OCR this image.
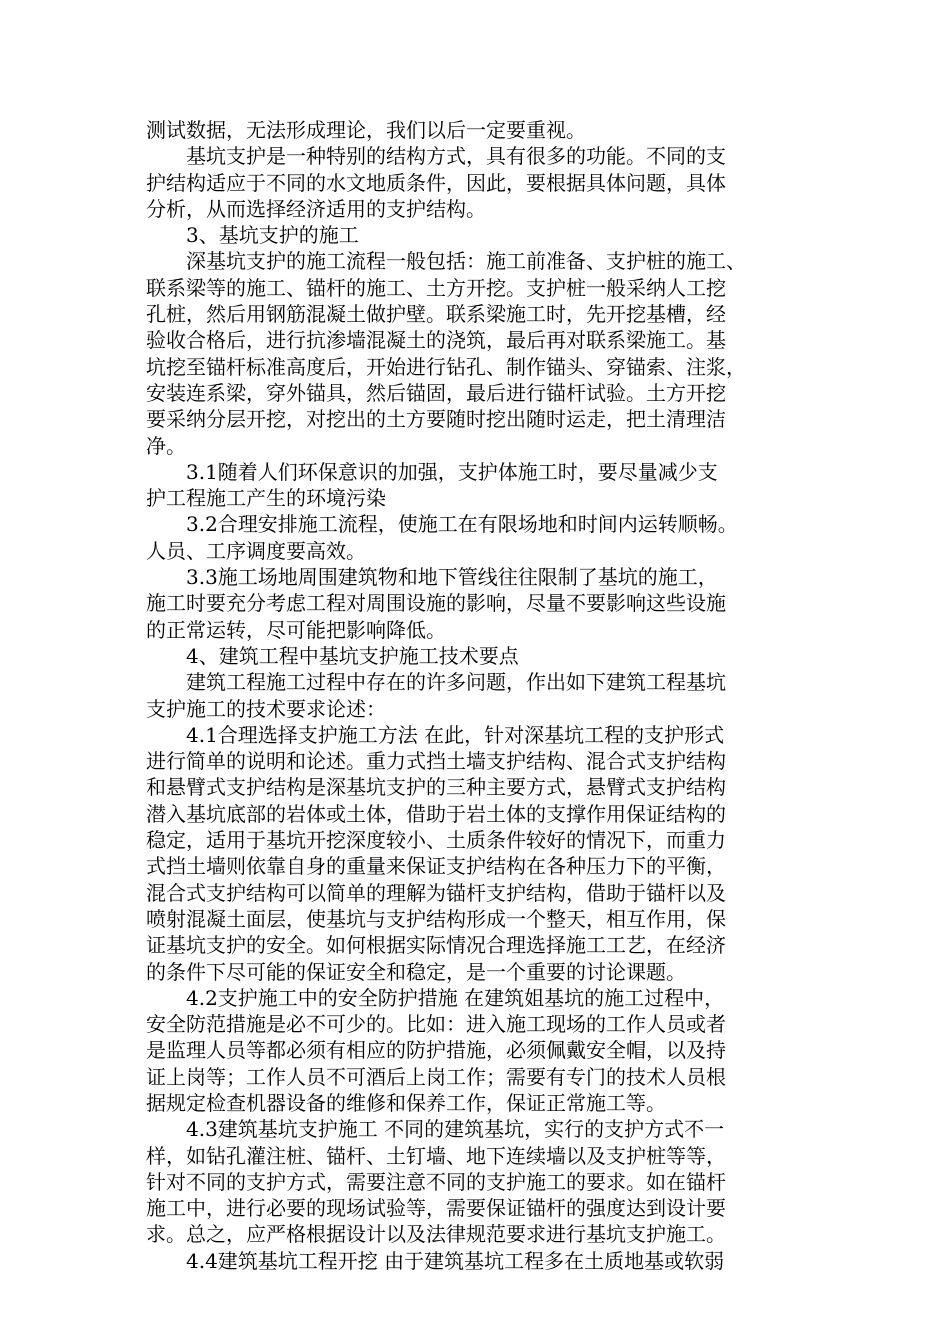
测试数据，无法形成理论，我们以后一定要重视。
　　基坑支护是一种特别的结构方式，具有很多的功能。不同的支
护结构适应于不同的水文地质条件，因此，要根据具体问题，具体
分析，从而选择经济适用的支护结构。
　　3、基坑支护的施工
　　深基坑支护的施工流程一般包括：施工前准备、支护桩的施工、
联系梁等的施工、锚杆的施工、土方开挖。支护桩一般采纳人工挖
孔桩，然后用钢筋混凝土做护壁。联系梁施工时，先开挖基槽，经
验收合格后，进行抗渗墙混凝土的浇筑，最后再对联系梁施工。基
坑挖至锚杆标准高度后，开始进行钻孔、制作锚头、穿锚索、注浆，
安装连系梁，穿外锚具，然后锚固，最后进行锚杆试验。土方开挖
要采纳分层开挖，对挖出的土方要随时挖出随时运走，把土清理洁
净。
　　3.1随着人们环保意识的加强，支护体施工时，要尽量减少支
护工程施工产生的环境污染
　　3.2合理安排施工流程，使施工在有限场地和时间内运转顺畅。
人员、工序调度要高效。
　　3.3施工场地周围建筑物和地下管线往往限制了基坑的施工，
施工时要充分考虑工程对周围设施的影响，尽量不要影响这些设施
的正常运转，尽可能把影响降低。
　　4、建筑工程中基坑支护施工技术要点
　　建筑工程施工过程中存在的许多问题，作出如下建筑工程基坑
支护施工的技术要求论述：
　　4.1合理选择支护施工方法 在此，针对深基坑工程的支护形式
进行简单的说明和论述。重力式挡土墙支护结构、混合式支护结构
和悬臂式支护结构是深基坑支护的三种主要方式，悬臂式支护结构
潜入基坑底部的岩体或土体，借助于岩土体的支撑作用保证结构的
稳定，适用于基坑开挖深度较小、土质条件较好的情况下，而重力
式挡土墙则依靠自身的重量来保证支护结构在各种压力下的平衡，
混合式支护结构可以简单的理解为锚杆支护结构，借助于锚杆以及
喷射混凝土面层，使基坑与支护结构形成一个整天，相互作用，保
证基坑支护的安全。如何根据实际情况合理选择施工工艺，在经济
的条件下尽可能的保证安全和稳定，是一个重要的讨论课题。
　　4.2支护施工中的安全防护措施 在建筑姐基坑的施工过程中，
安全防范措施是必不可少的。比如：进入施工现场的工作人员或者
是监理人员等都必须有相应的防护措施，必须佩戴安全帽，以及持
证上岗等；工作人员不可酒后上岗工作；需要有专门的技术人员根
据规定检查机器设备的维修和保养工作，保证正常施工等。
　　4.3建筑基坑支护施工 不同的建筑基坑，实行的支护方式不一
样，如钻孔灌注桩、锚杆、土钉墙、地下连续墙以及支护桩等等，
针对不同的支护方式，需要注意不同的支护施工的要求。如在锚杆
施工中，进行必要的现场试验等，需要保证锚杆的强度达到设计要
求。总之，应严格根据设计以及法律规范要求进行基坑支护施工。
　　4.4建筑基坑工程开挖 由于建筑基坑工程多在土质地基或软弱
